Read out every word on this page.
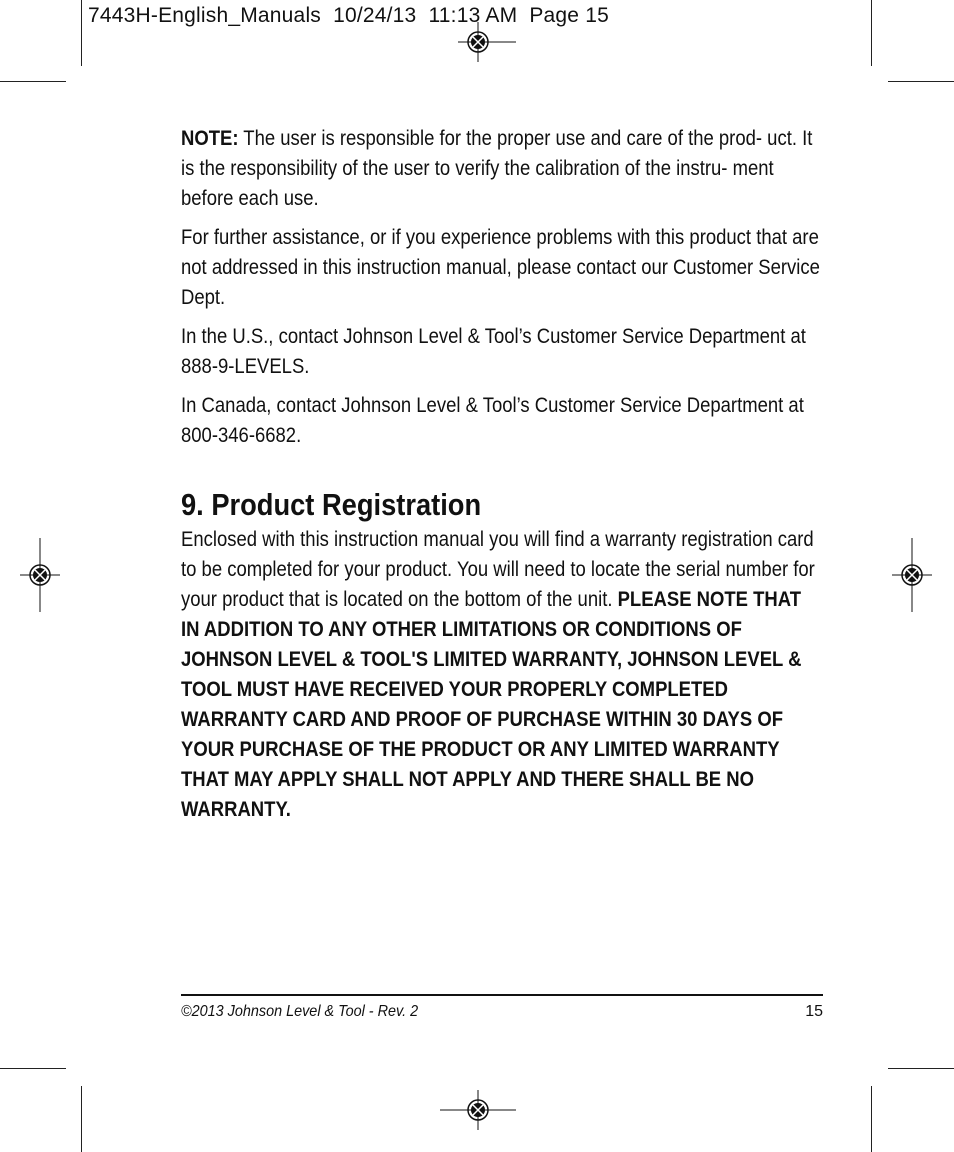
7443H-English_Manuals  10/24/13  11:13 AM  Page 15

NOTE: The user is responsible for the proper use and care of the prod- uct. It is the responsibility of the user to verify the calibration of the instru- ment before each use.

For further assistance, or if you experience problems with this product that are not addressed in this instruction manual, please contact our Customer Service Dept.

In the U.S., contact Johnson Level & Tool’s Customer Service Department at 888-9-LEVELS.

In Canada, contact Johnson Level & Tool’s Customer Service Department at 800-346-6682.

9. Product Registration

Enclosed with this instruction manual you will find a warranty registration card to be completed for your product. You will need to locate the serial number for your product that is located on the bottom of the unit. PLEASE NOTE THAT IN ADDITION TO ANY OTHER LIMITATIONS OR CONDITIONS OF JOHNSON LEVEL & TOOL'S LIMITED WARRANTY, JOHNSON LEVEL & TOOL MUST HAVE RECEIVED YOUR PROPERLY COMPLETED WARRANTY CARD AND PROOF OF PURCHASE WITHIN 30 DAYS OF YOUR PURCHASE OF THE PRODUCT OR ANY LIMITED WARRANTY THAT MAY APPLY SHALL NOT APPLY AND THERE SHALL BE NO WARRANTY.

©2013 Johnson Level & Tool - Rev. 2	15
